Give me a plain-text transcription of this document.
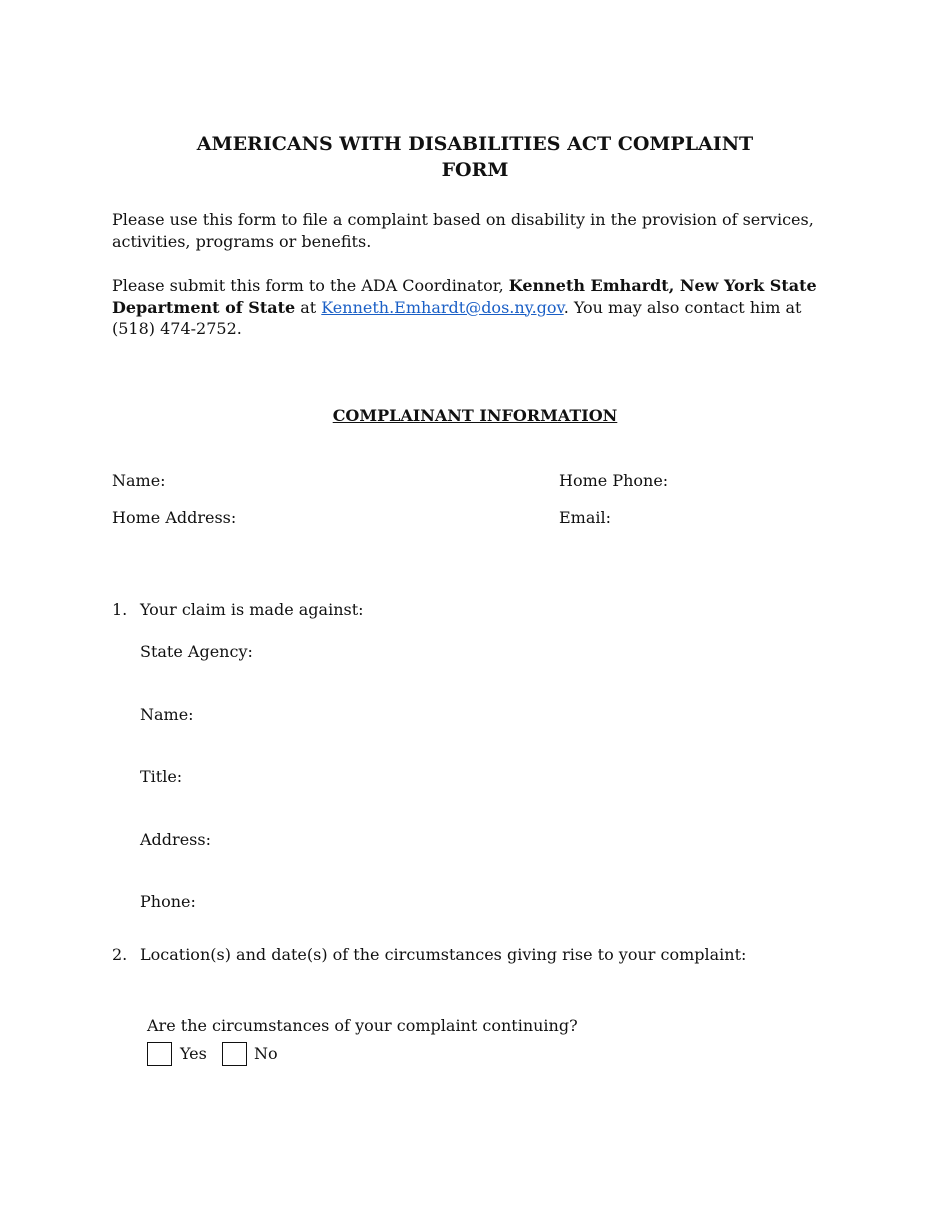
AMERICANS WITH DISABILITIES ACT COMPLAINT
FORM
Please use this form to file a complaint based on disability in the provision of services, activities, programs or benefits.
Please submit this form to the ADA Coordinator, Kenneth Emhardt, New York State Department of State at Kenneth.Emhardt@dos.ny.gov. You may also contact him at (518) 474-2752.
COMPLAINANT INFORMATION
Name:	Home Phone:
Home Address:	Email:
1. Your claim is made against:
State Agency:
Name:
Title:
Address:
Phone:
2. Location(s) and date(s) of the circumstances giving rise to your complaint:
Are the circumstances of your complaint continuing?
Yes	No
